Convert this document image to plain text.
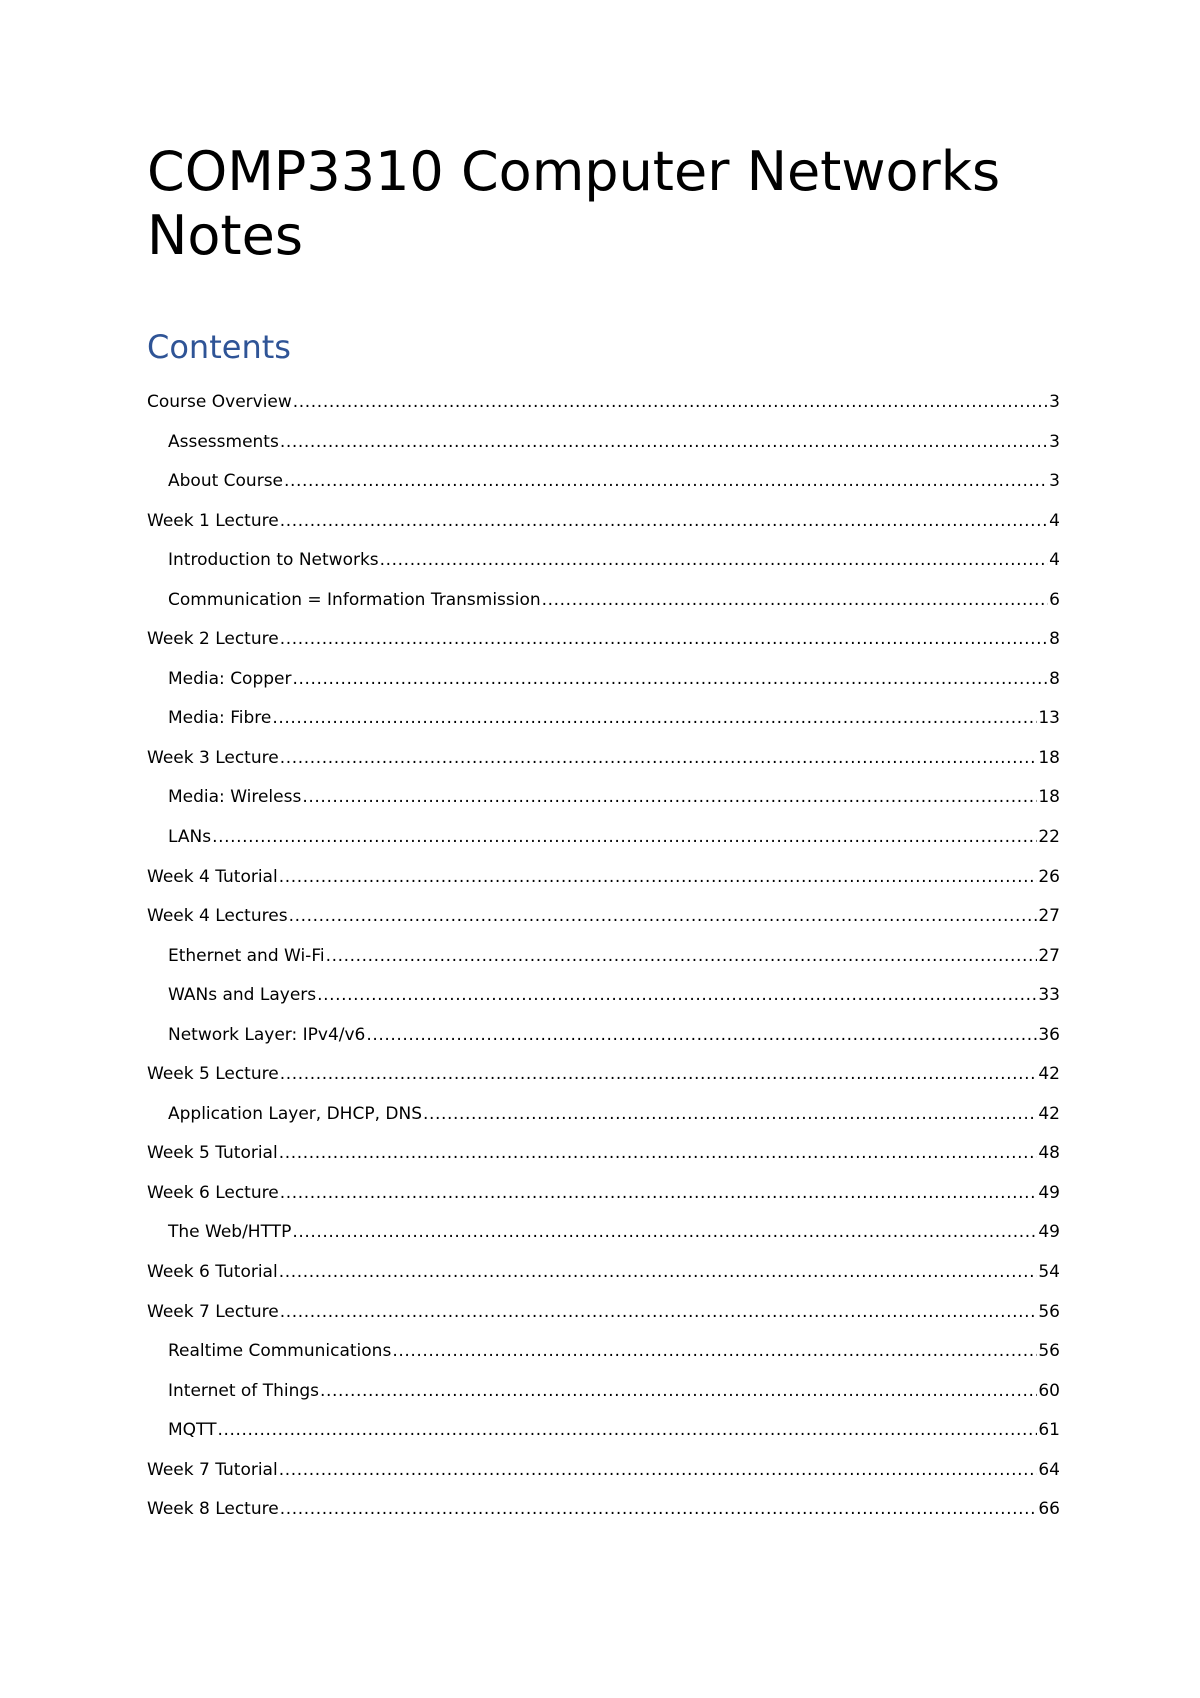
COMP3310 Computer Networks Notes
Contents
Course Overview .....	3
Assessments .....	3
About Course .....	3
Week 1 Lecture .....	4
Introduction to Networks .....	4
Communication = Information Transmission .....	6
Week 2 Lecture .....	8
Media: Copper .....	8
Media: Fibre .....	13
Week 3 Lecture .....	18
Media: Wireless .....	18
LANs .....	22
Week 4 Tutorial .....	26
Week 4 Lectures .....	27
Ethernet and Wi-Fi .....	27
WANs and Layers .....	33
Network Layer: IPv4/v6 .....	36
Week 5 Lecture .....	42
Application Layer, DHCP, DNS .....	42
Week 5 Tutorial .....	48
Week 6 Lecture .....	49
The Web/HTTP .....	49
Week 6 Tutorial .....	54
Week 7 Lecture .....	56
Realtime Communications .....	56
Internet of Things .....	60
MQTT .....	61
Week 7 Tutorial .....	64
Week 8 Lecture .....	66
